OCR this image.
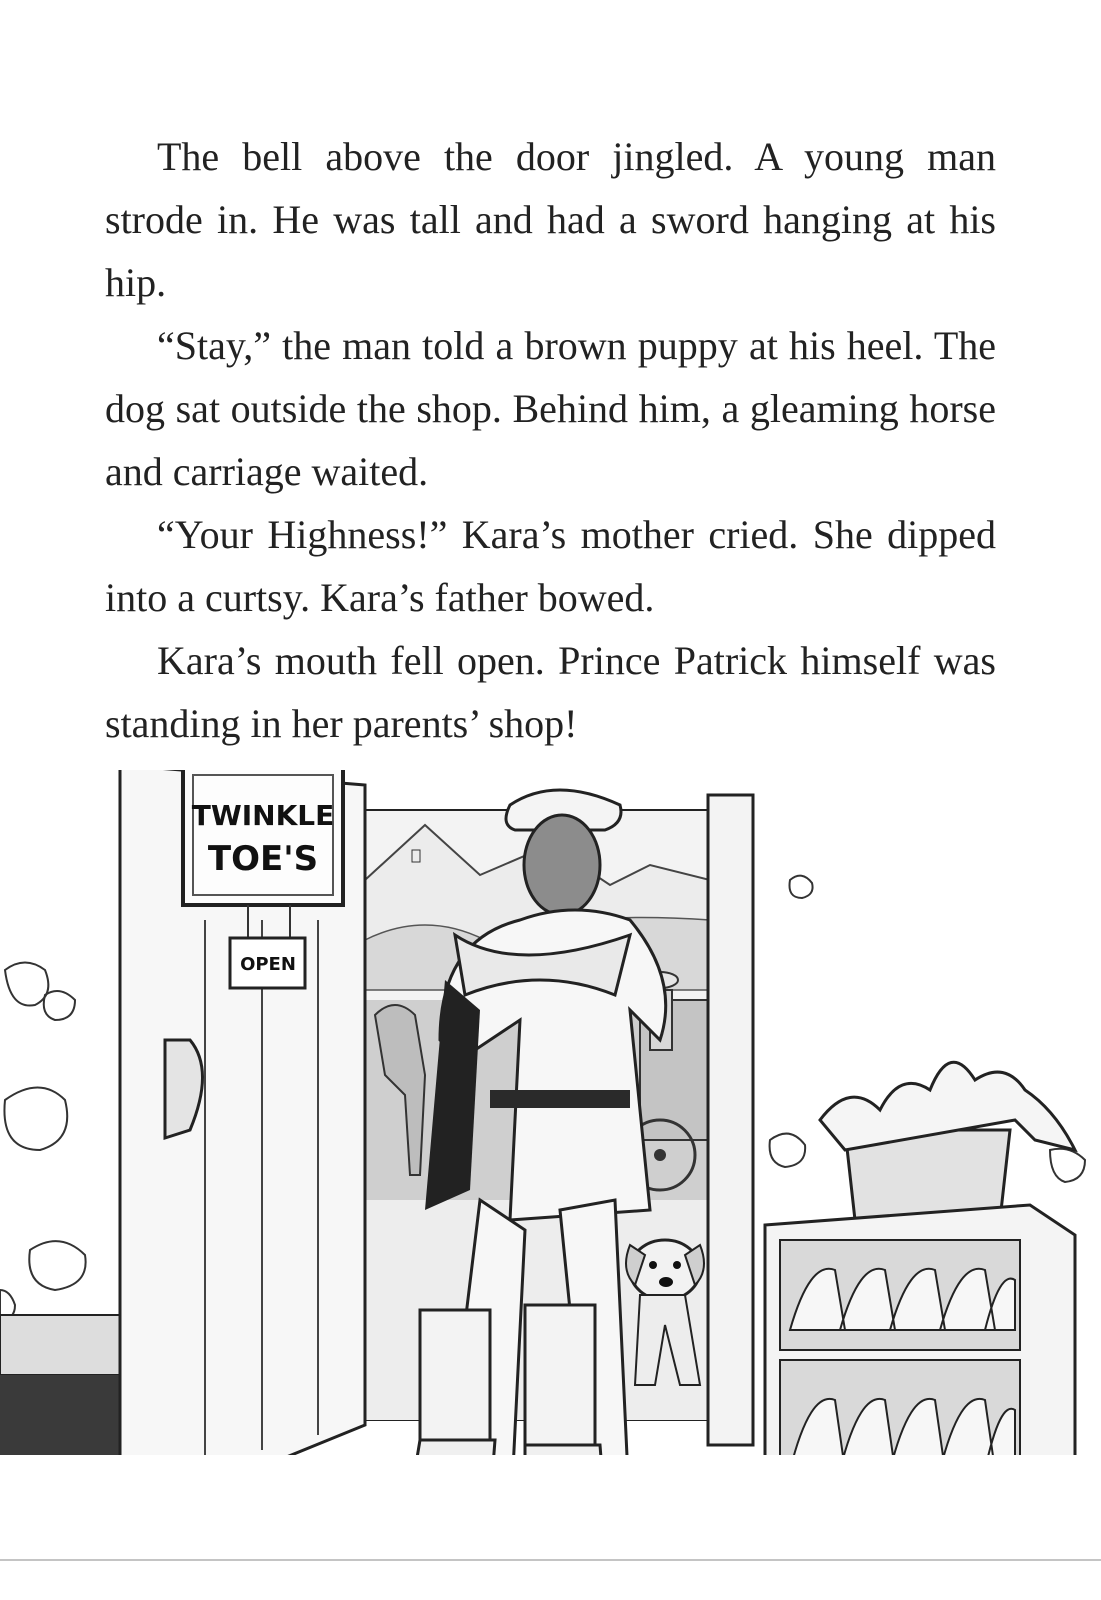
The bell above the door jingled. A young man strode in. He was tall and had a sword hanging at his hip.

“Stay,” the man told a brown puppy at his heel. The dog sat outside the shop. Behind him, a gleaming horse and carriage waited.

“Your Highness!” Kara’s mother cried. She dipped into a curtsy. Kara’s father bowed.

Kara’s mouth fell open. Prince Patrick himself was standing in her parents’ shop!

TWINKLE
TOE'S
OPEN
